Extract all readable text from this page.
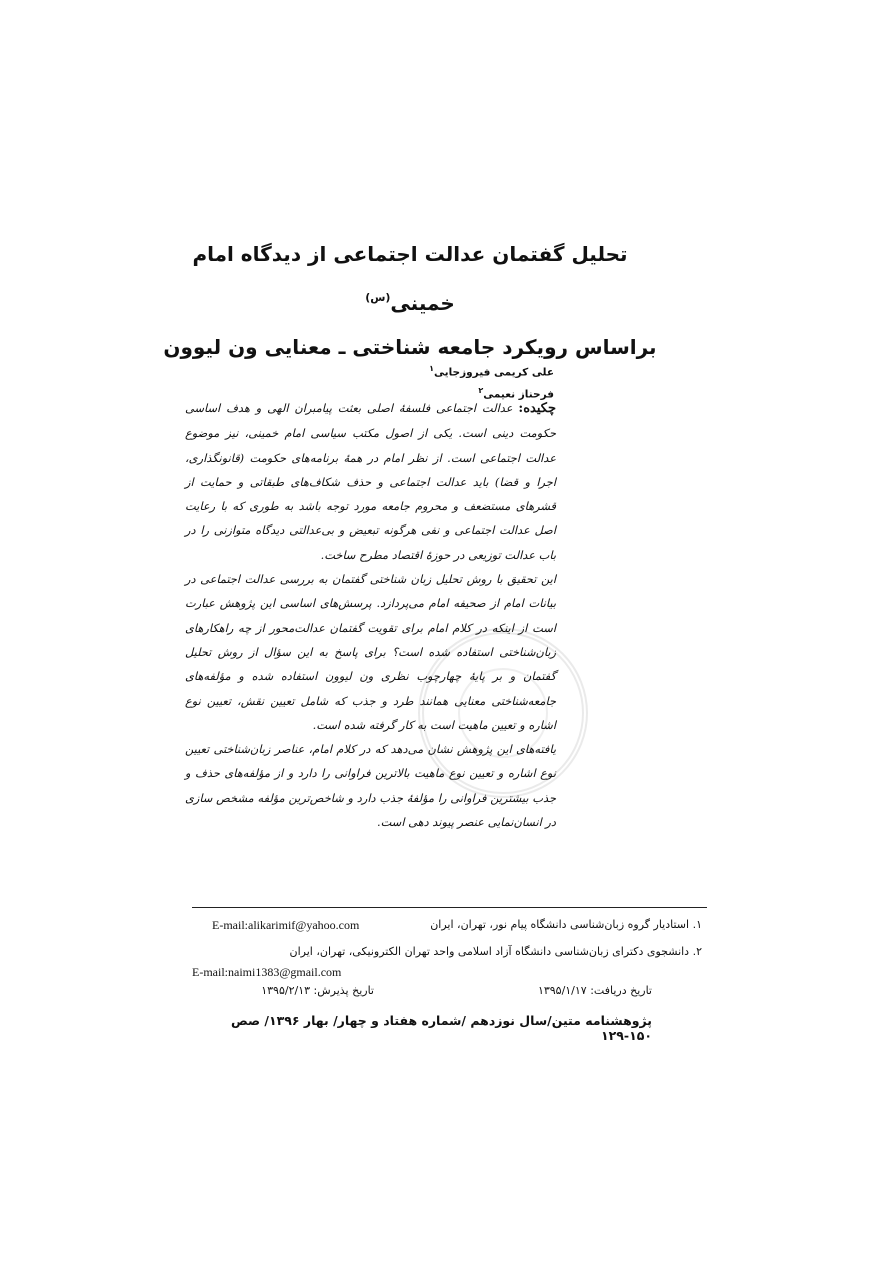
تحلیل گفتمان عدالت اجتماعی از دیدگاه امام خمینی$^{(س)}$
براساس رویکرد جامعه شناختی ـ معنایی ون لیوون
علی کریمی فیروزجایی$^۱$
فرحناز نعیمی$^۲$

چکیده: عدالت اجتماعی فلسفهٔ اصلی بعثت پیامبران الهی و هدف اساسی حکومت دینی است. یکی از اصول مکتب سیاسی امام خمینی، نیز موضوع عدالت اجتماعی است. از نظر امام در همهٔ برنامه‌های حکومت (قانونگذاری، اجرا و قضا) باید عدالت اجتماعی و حذف شکاف‌های طبقاتی و حمایت از قشرهای مستضعف و محروم جامعه مورد توجه باشد به طوری که با رعایت اصل عدالت اجتماعی و نفی هرگونه تبعیض و بی‌عدالتی دیدگاه متوازنی را در باب عدالت توزیعی در حوزهٔ اقتصاد مطرح ساخت.

این تحقیق با روش تحلیل زبان شناختی گفتمان به بررسی عدالت اجتماعی در بیانات امام از صحیفه امام می‌پردازد. پرسش‌های اساسی این پژوهش عبارت است از اینکه در کلام امام برای تقویت گفتمان عدالت‌محور از چه راهکارهای زبان‌شناختی استفاده شده است؟ برای پاسخ به این سؤال از روش تحلیل گفتمان و بر پایهٔ چهارچوب نظری ون لیوون استفاده شده و مؤلفه‌های جامعه‌شناختی معنایی همانند طرد و جذب که شامل تعیین نقش، تعیین نوع اشاره و تعیین ماهیت است به کار گرفته شده است.

یافته‌های این پژوهش نشان می‌دهد که در کلام امام، عناصر زبان‌شناختی تعیین نوع اشاره و تعیین نوع ماهیت بالاترین فراوانی را دارد و از مؤلفه‌های حذف و جذب بیشترین فراوانی را مؤلفهٔ جذب دارد و شاخص‌ترین مؤلفه مشخص سازی در انسان‌نمایی عنصر پیوند دهی است.

۱. استادیار گروه زبان‌شناسی دانشگاه پیام نور، تهران، ایران
E-mail:alikarimif@yahoo.com
۲. دانشجوی دکترای زبان‌شناسی دانشگاه آزاد اسلامی واحد تهران الکترونیکی، تهران، ایران
E-mail:naimi1383@gmail.com
تاریخ دریافت: ۱۳۹۵/۱/۱۷
تاریخ پذیرش: ۱۳۹۵/۲/۱۳
پژوهشنامه متین/سال نوزدهم /شماره هفتاد و چهار/ بهار ۱۳۹۶/ صص ۱۵۰-۱۲۹
